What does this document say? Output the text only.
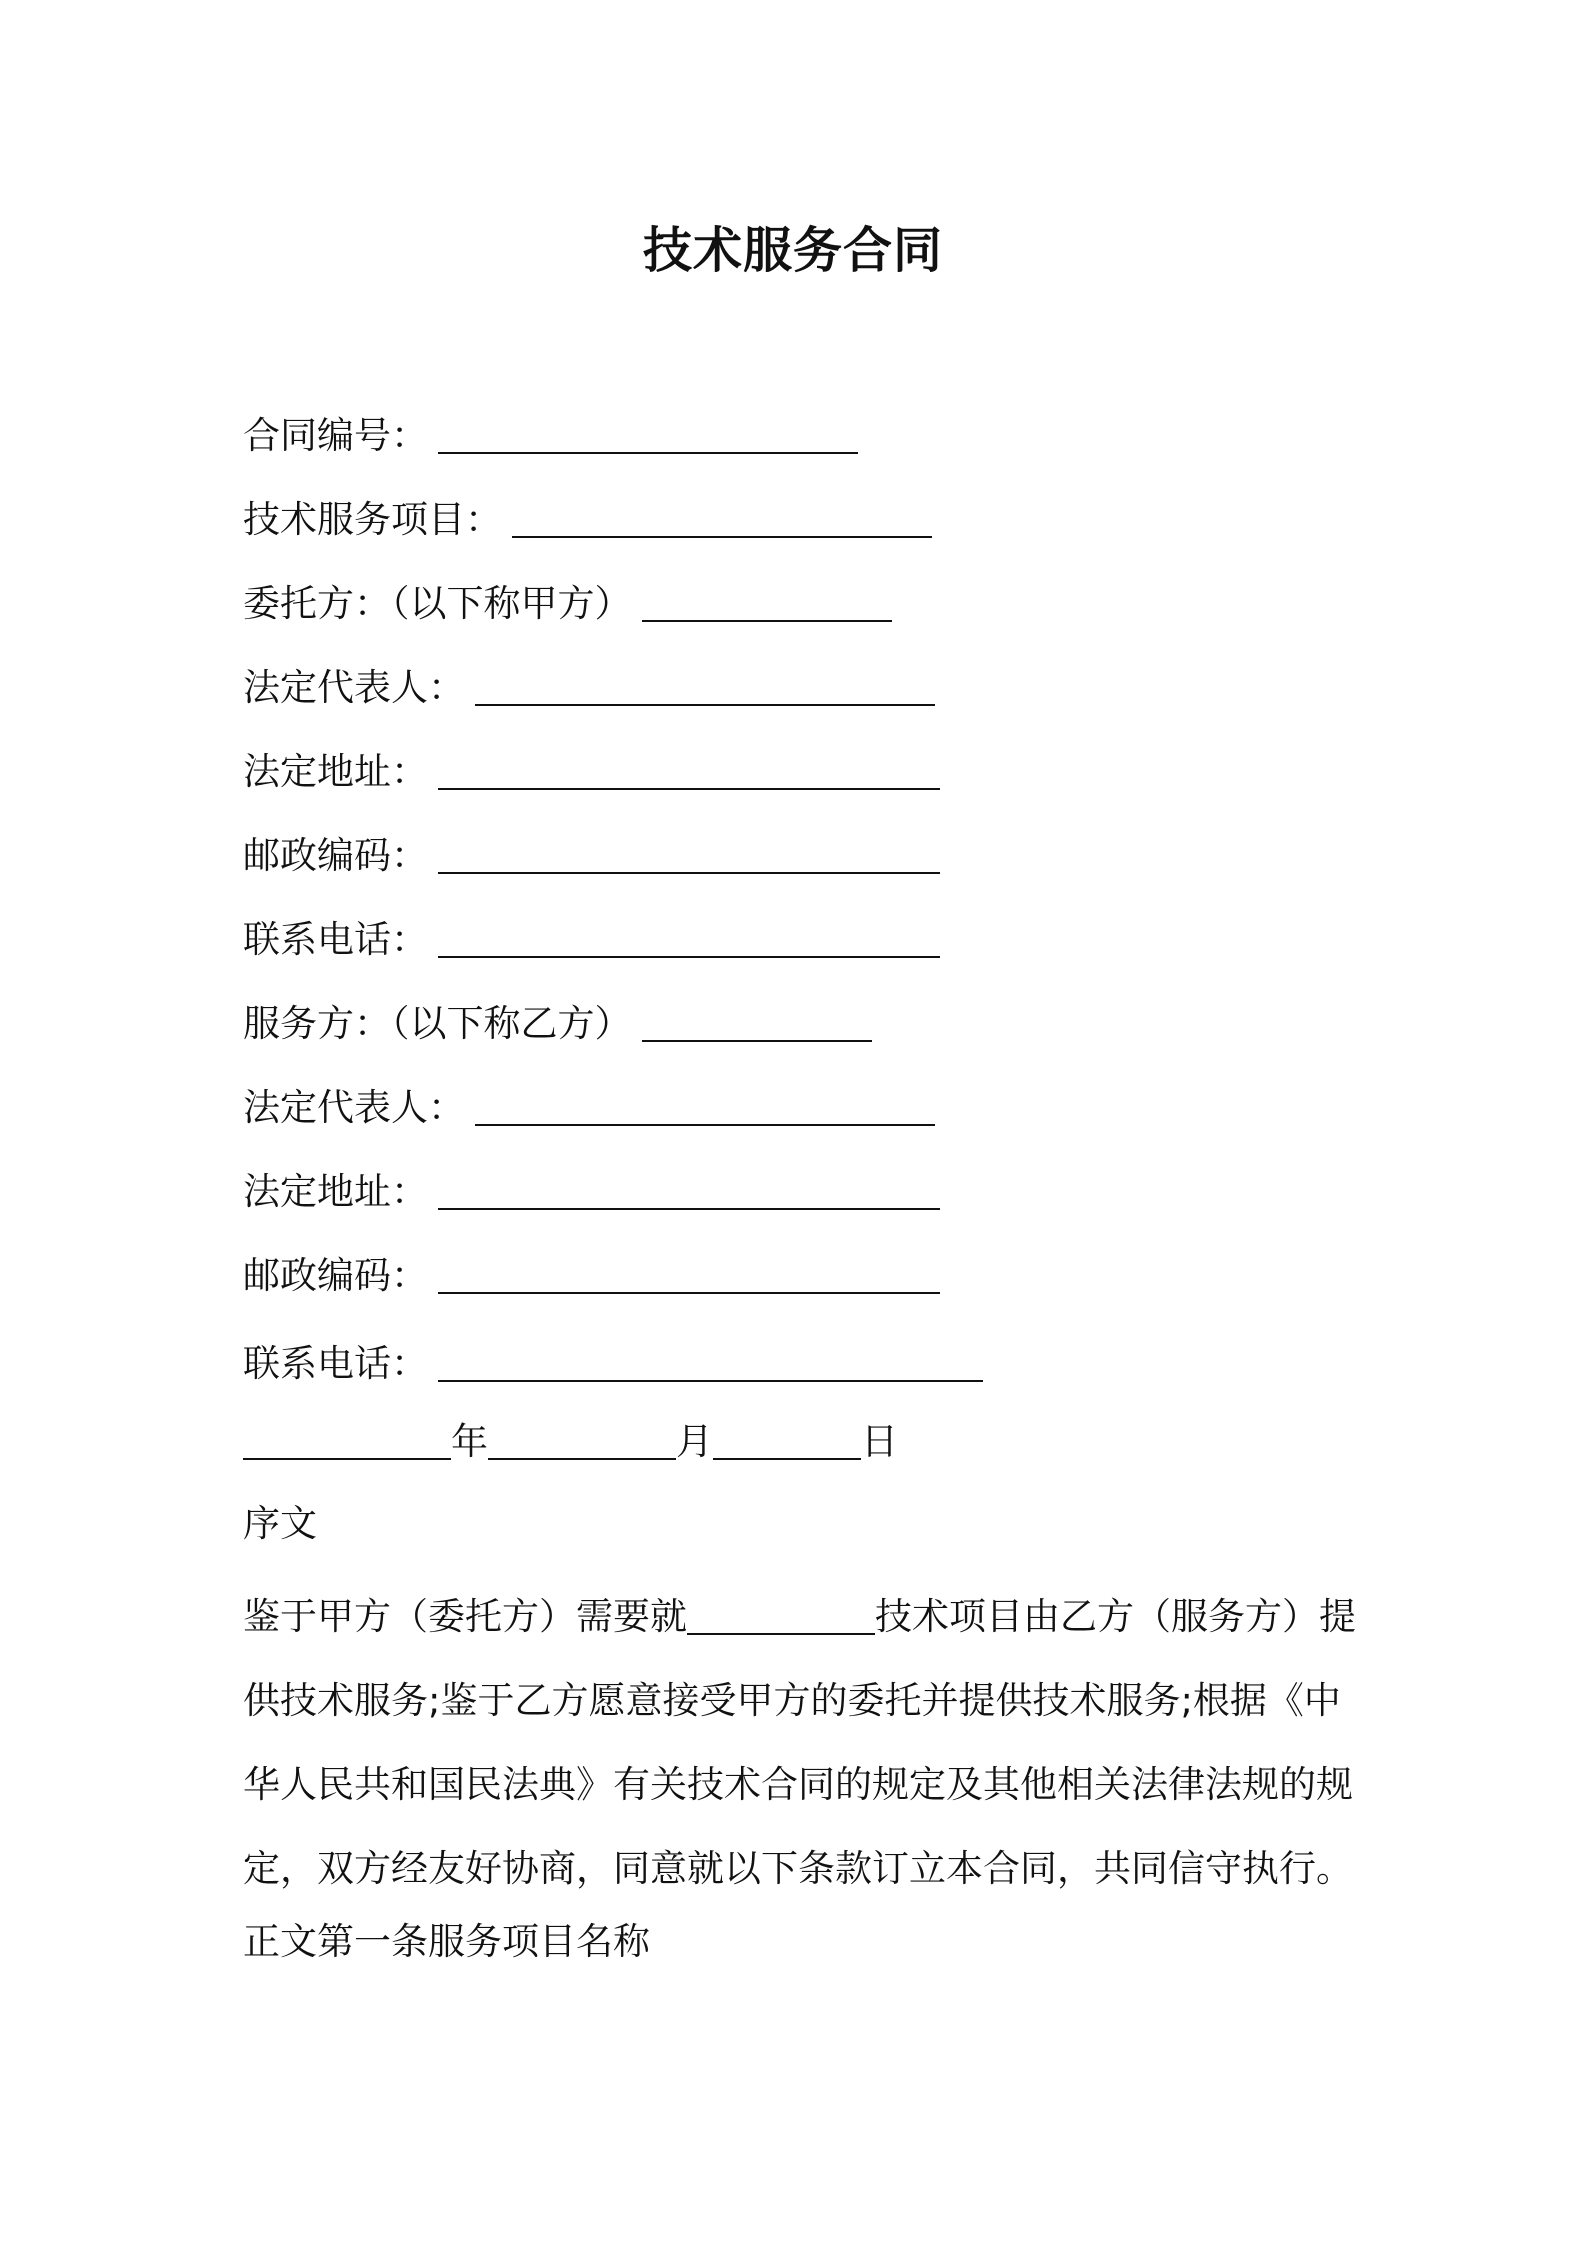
技术服务合同
合同编号：
技术服务项目：
委托方：（以下称甲方）
法定代表人：
法定地址：
邮政编码：
联系电话：
服务方：（以下称乙方）
法定代表人：
法定地址：
邮政编码：
联系电话：
年	月	日
序文
鉴于甲方（委托方）需要就	技术项目由乙方（服务方）提
供技术服务;鉴于乙方愿意接受甲方的委托并提供技术服务;根据《中
华人民共和国民法典》有关技术合同的规定及其他相关法律法规的规
定，双方经友好协商，同意就以下条款订立本合同，共同信守执行。
正文第一条服务项目名称
